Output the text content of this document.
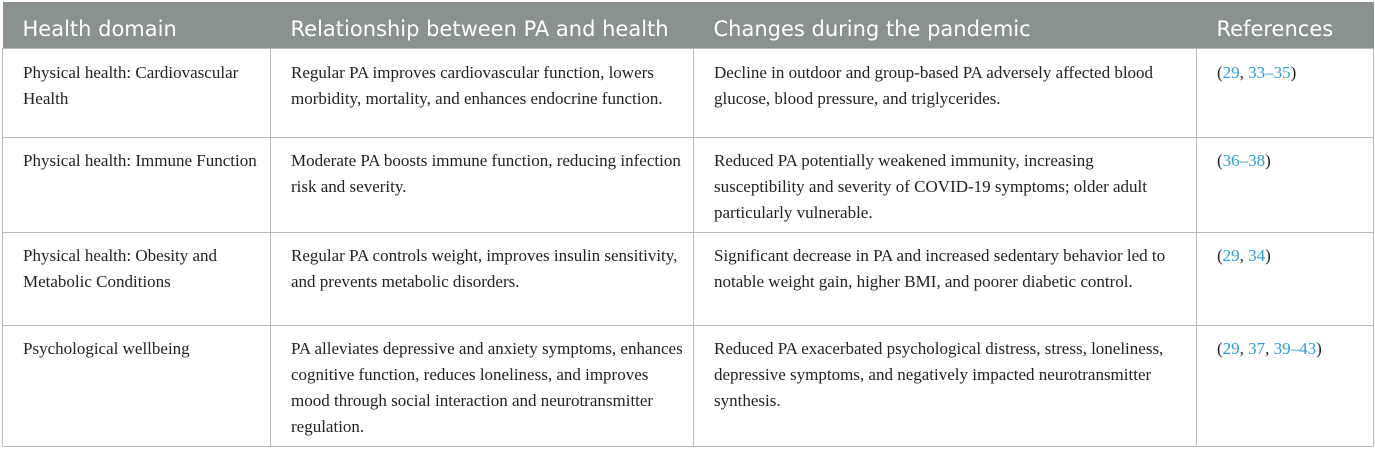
Health domain	Relationship between PA and health	Changes during the pandemic	References
Physical health: Cardiovascular Health	Regular PA improves cardiovascular function, lowers morbidity, mortality, and enhances endocrine function.	Decline in outdoor and group-based PA adversely affected blood glucose, blood pressure, and triglycerides.	(29, 33–35)
Physical health: Immune Function	Moderate PA boosts immune function, reducing infection risk and severity.	Reduced PA potentially weakened immunity, increasing susceptibility and severity of COVID-19 symptoms; older adult particularly vulnerable.	(36–38)
Physical health: Obesity and Metabolic Conditions	Regular PA controls weight, improves insulin sensitivity, and prevents metabolic disorders.	Significant decrease in PA and increased sedentary behavior led to notable weight gain, higher BMI, and poorer diabetic control.	(29, 34)
Psychological wellbeing	PA alleviates depressive and anxiety symptoms, enhances cognitive function, reduces loneliness, and improves mood through social interaction and neurotransmitter regulation.	Reduced PA exacerbated psychological distress, stress, loneliness, depressive symptoms, and negatively impacted neurotransmitter synthesis.	(29, 37, 39–43)
